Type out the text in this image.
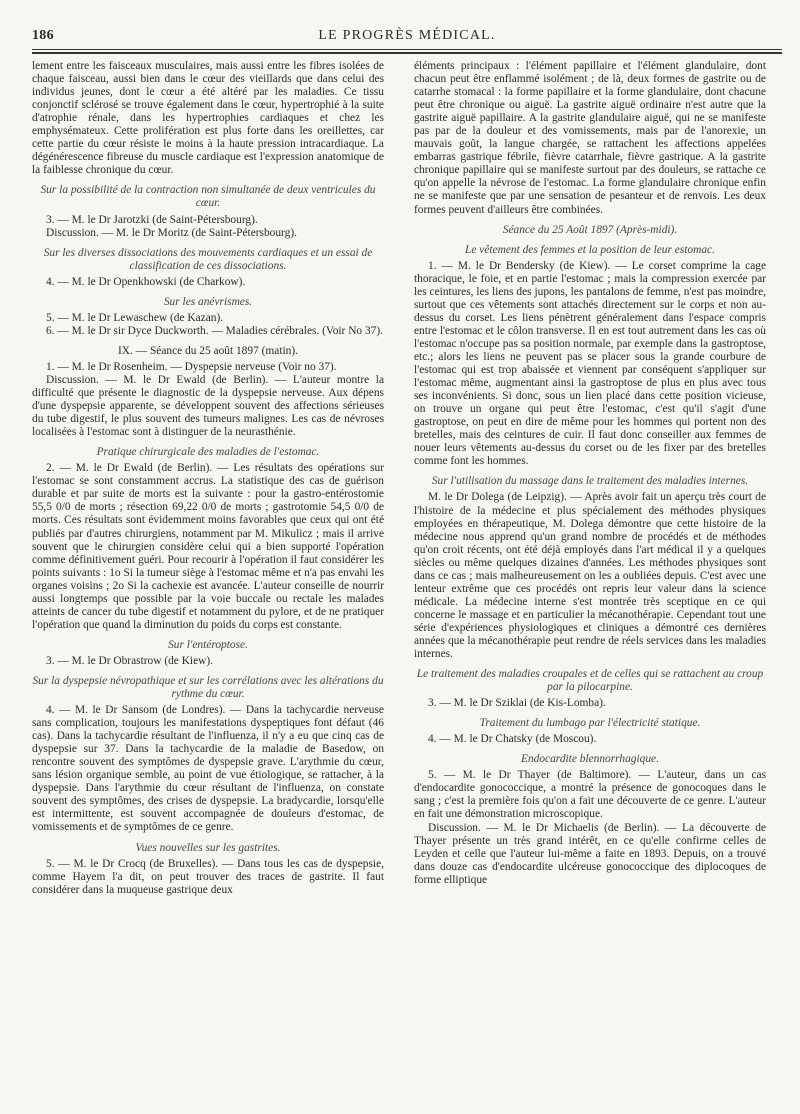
186	LE PROGRÈS MÉDICAL.

lement entre les faisceaux musculaires, mais aussi entre les fibres isolées de chaque faisceau, aussi bien dans le cœur des vieillards que dans celui des individus jeunes, dont le cœur a été altéré par les maladies. Ce tissu conjonctif sclérosé se trouve également dans le cœur, hypertrophié à la suite d'atrophie rénale, dans les hypertrophies cardiaques et chez les emphysémateux. Cette prolifération est plus forte dans les oreillettes, car cette partie du cœur résiste le moins à la haute pression intracardiaque. La dégénérescence fibreuse du muscle cardiaque est l'expression anatomique de la faiblesse chronique du cœur.

Sur la possibilité de la contraction non simultanée de deux ventricules du cœur.

3. — M. le Dr Jarotzki (de Saint-Pétersbourg).

Discussion. — M. le Dr Moritz (de Saint-Pétersbourg).

Sur les diverses dissociations des mouvements cardiaques et un essai de classification de ces dissociations.

4. — M. le Dr Openkhowski (de Charkow).

Sur les anévrismes.

5. — M. le Dr Lewaschew (de Kazan).

6. — M. le Dr sir Dyce Duckworth. — Maladies cérébrales. (Voir No 37).

IX. — Séance du 25 août 1897 (matin).

1. — M. le Dr Rosenheim. — Dyspepsie nerveuse (Voir no 37).

Discussion. — M. le Dr Ewald (de Berlin). — L'auteur montre la difficulté que présente le diagnostic de la dyspepsie nerveuse. Aux dépens d'une dyspepsie apparente, se développent souvent des affections sérieuses du tube digestif, le plus souvent des tumeurs malignes. Les cas de névroses localisées à l'estomac sont à distinguer de la neurasthénie.

Pratique chirurgicale des maladies de l'estomac.

2. — M. le Dr Ewald (de Berlin). — Les résultats des opérations sur l'estomac se sont constamment accrus. La statistique des cas de guérison durable et par suite de morts est la suivante : pour la gastro-entérostomie 55,5 0/0 de morts ; résection 69,22 0/0 de morts ; gastrotomie 54,5 0/0 de morts. Ces résultats sont évidemment moins favorables que ceux qui ont été publiés par d'autres chirurgiens, notamment par M. Mikulicz ; mais il arrive souvent que le chirurgien considère celui qui a bien supporté l'opération comme définitivement guéri. Pour recourir à l'opération il faut considérer les points suivants : 1o Si la tumeur siège à l'estomac même et n'a pas envahi les organes voisins ; 2o Si la cachexie est avancée. L'auteur conseille de nourrir aussi longtemps que possible par la voie buccale ou rectale les malades atteints de cancer du tube digestif et notamment du pylore, et de ne pratiquer l'opération que quand la diminution du poids du corps est constante.

Sur l'entéroptose.

3. — M. le Dr Obrastrow (de Kiew).

Sur la dyspepsie névropathique et sur les corrélations avec les altérations du rythme du cœur.

4. — M. le Dr Sansom (de Londres). — Dans la tachycardie nerveuse sans complication, toujours les manifestations dyspeptiques font défaut (46 cas). Dans la tachycardie résultant de l'influenza, il n'y a eu que cinq cas de dyspepsie sur 37. Dans la tachycardie de la maladie de Basedow, on rencontre souvent des symptômes de dyspepsie grave. L'arythmie du cœur, sans lésion organique semble, au point de vue étiologique, se rattacher, à la dyspepsie. Dans l'arythmie du cœur résultant de l'influenza, on constate souvent des symptômes, des crises de dyspepsie. La bradycardie, lorsqu'elle est intermittente, est souvent accompagnée de douleurs d'estomac, de vomissements et de symptômes de ce genre.

Vues nouvelles sur les gastrites.

5. — M. le Dr Crocq (de Bruxelles). — Dans tous les cas de dyspepsie, comme Hayem l'a dit, on peut trouver des traces de gastrite. Il faut considérer dans la muqueuse gastrique deux

éléments principaux : l'élément papillaire et l'élément glandulaire, dont chacun peut être enflammé isolément ; de là, deux formes de gastrite ou de catarrhe stomacal : la forme papillaire et la forme glandulaire, dont chacune peut être chronique ou aiguë. La gastrite aiguë ordinaire n'est autre que la gastrite aiguë papillaire. A la gastrite glandulaire aiguë, qui ne se manifeste pas par de la douleur et des vomissements, mais par de l'anorexie, un mauvais goût, la langue chargée, se rattachent les affections appelées embarras gastrique fébrile, fièvre catarrhale, fièvre gastrique. A la gastrite chronique papillaire qui se manifeste surtout par des douleurs, se rattache ce qu'on appelle la névrose de l'estomac. La forme glandulaire chronique enfin ne se manifeste que par une sensation de pesanteur et de renvois. Les deux formes peuvent d'ailleurs être combinées.

Séance du 25 Août 1897 (Après-midi).
Le vêtement des femmes et la position de leur estomac.

1. — M. le Dr Bendersky (de Kiew). — Le corset comprime la cage thoracique, le foie, et en partie l'estomac ; mais la compression exercée par les ceintures, les liens des jupons, les pantalons de femme, n'est pas moindre, surtout que ces vêtements sont attachés directement sur le corps et non au-dessus du corset. Les liens pénètrent généralement dans l'espace compris entre l'estomac et le côlon transverse. Il en est tout autrement dans les cas où l'estomac n'occupe pas sa position normale, par exemple dans la gastroptose, etc.; alors les liens ne peuvent pas se placer sous la grande courbure de l'estomac qui est trop abaissée et viennent par conséquent s'appliquer sur l'estomac même, augmentant ainsi la gastroptose de plus en plus avec tous ses inconvénients. Si donc, sous un lien placé dans cette position vicieuse, on trouve un organe qui peut être l'estomac, c'est qu'il s'agit d'une gastroptose, on peut en dire de même pour les hommes qui portent non des bretelles, mais des ceintures de cuir. Il faut donc conseiller aux femmes de nouer leurs vêtements au-dessus du corset ou de les fixer par des bretelles comme font les hommes.

Sur l'utilisation du massage dans le traitement des maladies internes.

M. le Dr Dolega (de Leipzig). — Après avoir fait un aperçu très court de l'histoire de la médecine et plus spécialement des méthodes physiques employées en thérapeutique, M. Dolega démontre que cette histoire de la médecine nous apprend qu'un grand nombre de procédés et de méthodes qu'on croit récents, ont été déjà employés dans l'art médical il y a quelques siècles ou même quelques dizaines d'années. Les méthodes physiques sont dans ce cas ; mais malheureusement on les a oubliées depuis. C'est avec une lenteur extrême que ces procédés ont repris leur valeur dans la science médicale. La médecine interne s'est montrée très sceptique en ce qui concerne le massage et en particulier la mécanothérapie. Cependant tout une série d'expériences physiologiques et cliniques a démontré ces dernières années que la mécanothérapie peut rendre de réels services dans les maladies internes.

Le traitement des maladies croupales et de celles qui se rattachent au croup par la pilocarpine.

3. — M. le Dr Sziklai (de Kis-Lomba).

Traitement du lumbago par l'électricité statique.

4. — M. le Dr Chatsky (de Moscou).

Endocardite blennorrhagique.

5. — M. le Dr Thayer (de Baltimore). — L'auteur, dans un cas d'endocardite gonococcique, a montré la présence de gonocoques dans le sang ; c'est la première fois qu'on a fait une découverte de ce genre. L'auteur en fait une démonstration microscopique.

Discussion. — M. le Dr Michaelis (de Berlin). — La découverte de Thayer présente un très grand intérêt, en ce qu'elle confirme celles de Leyden et celle que l'auteur lui-même a faite en 1893. Depuis, on a trouvé dans douze cas d'endocardite ulcéreuse gonococcique des diplocoques de forme elliptique
